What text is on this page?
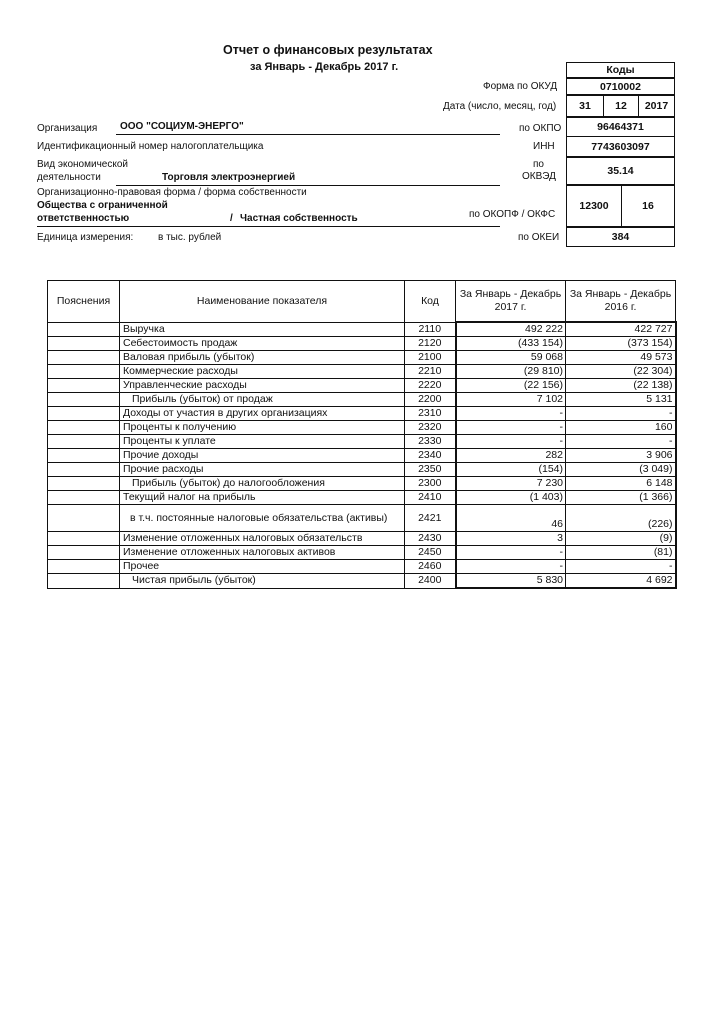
Отчет о финансовых результатах
за Январь - Декабрь 2017 г.	Коды
Форма по ОКУД	0710002
Дата (число, месяц, год)	31	12	2017
Организация ООО "СОЦИУМ-ЭНЕРГО"	по ОКПО	96464371
Идентификационный номер налогоплательщика	ИНН	7743603097
Вид экономической
деятельности	Торговля электроэнергией
по
ОКВЭД	35.14
Организационно-правовая форма / форма собственности
Общества с ограниченной
ответственностью	/ Частная собственность	по ОКОПФ / ОКФС
12300	16
Единица измерения: в тыс. рублей	по ОКЕИ	384
Пояснения	Наименование показателя	Код	За Январь - Декабрь 2017 г.	За Январь - Декабрь 2016 г.
	Выручка	2110	492 222	422 727
	Себестоимость продаж	2120	(433 154)	(373 154)
	Валовая прибыль (убыток)	2100	59 068	49 573
	Коммерческие расходы	2210	(29 810)	(22 304)
	Управленческие расходы	2220	(22 156)	(22 138)
	Прибыль (убыток) от продаж	2200	7 102	5 131
	Доходы от участия в других организациях	2310	-	-
	Проценты к получению	2320	-	160
	Проценты к уплате	2330	-	-
	Прочие доходы	2340	282	3 906
	Прочие расходы	2350	(154)	(3 049)
	Прибыль (убыток) до налогообложения	2300	7 230	6 148
	Текущий налог на прибыль	2410	(1 403)	(1 366)
	в т.ч. постоянные налоговые обязательства (активы)	2421	46	(226)
	Изменение отложенных налоговых обязательств	2430	3	(9)
	Изменение отложенных налоговых активов	2450	-	(81)
	Прочее	2460	-	-
	Чистая прибыль (убыток)	2400	5 830	4 692
